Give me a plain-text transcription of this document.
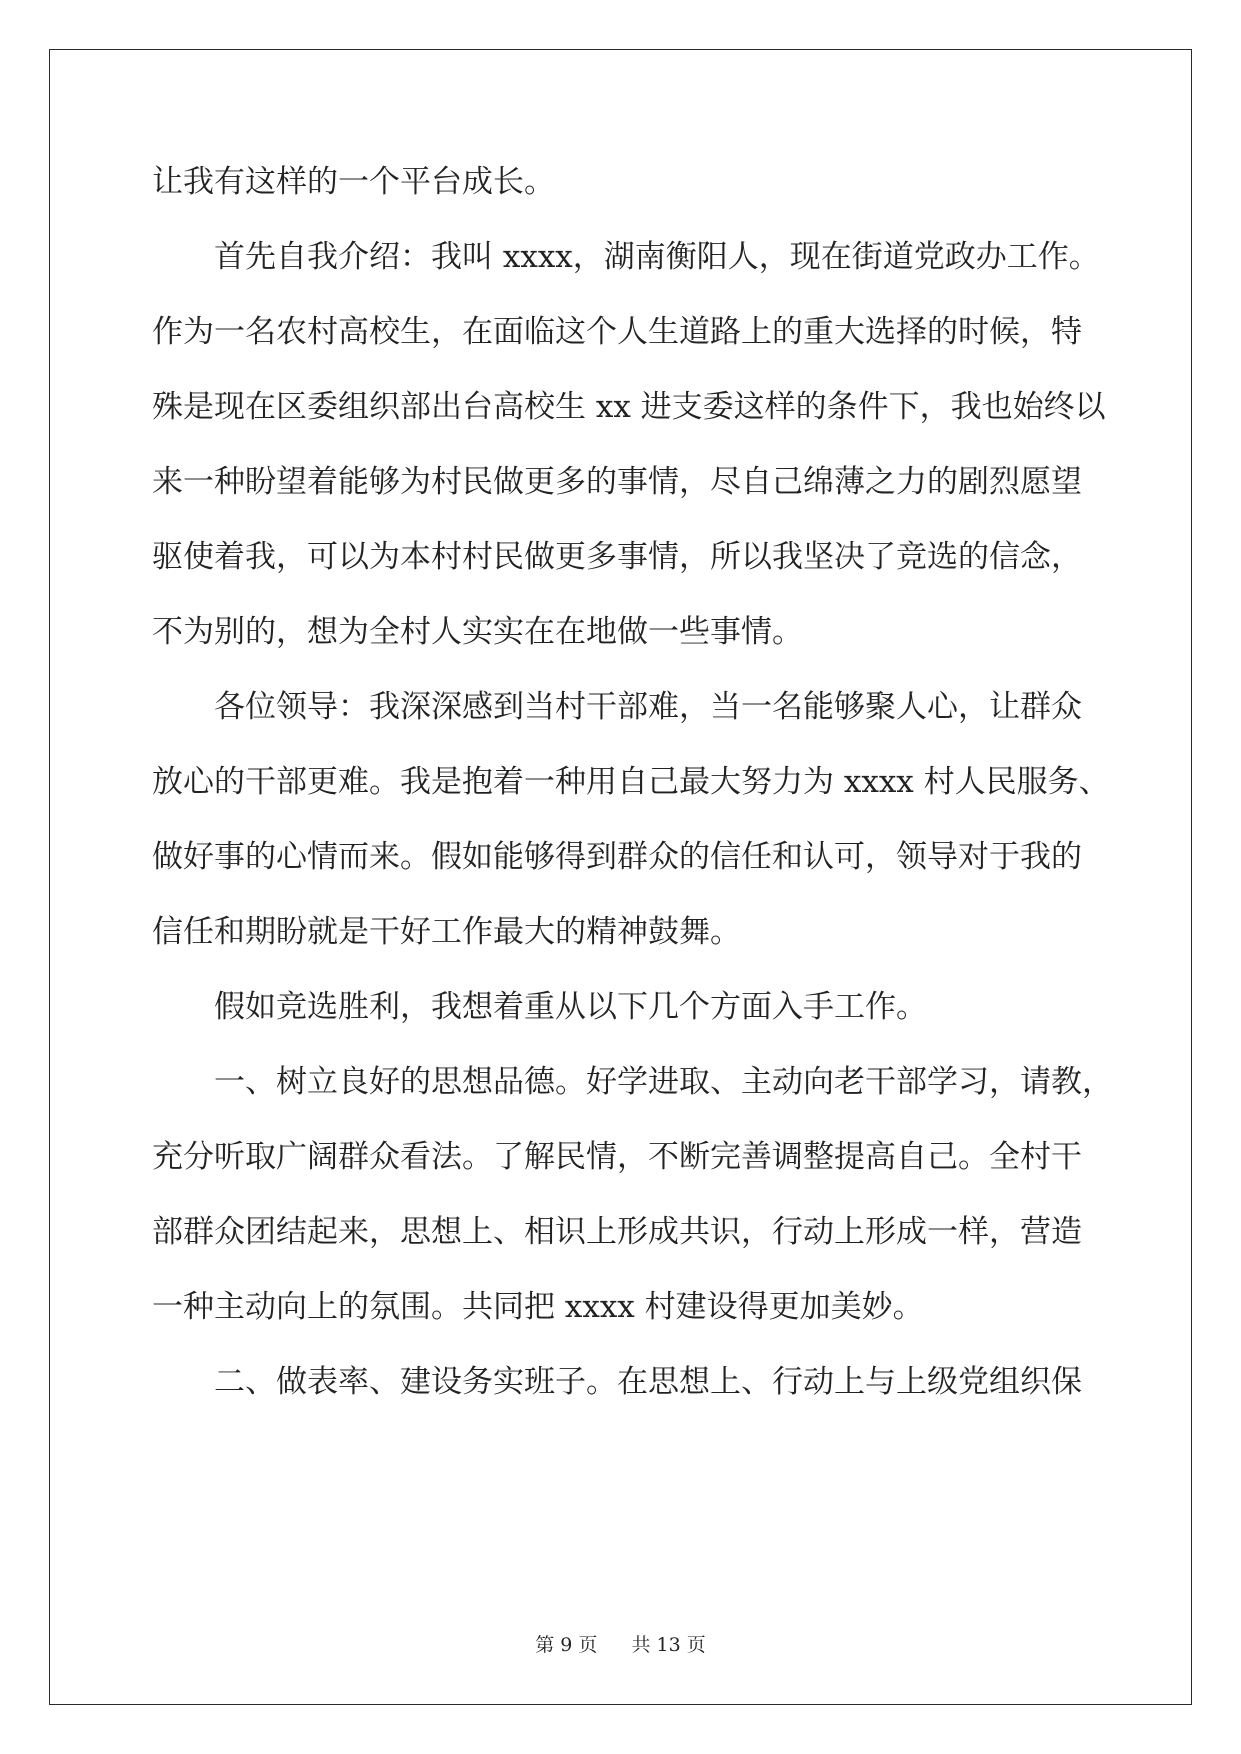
让我有这样的一个平台成长。
首先自我介绍：我叫 xxxx，湖南衡阳人，现在街道党政办工作。
作为一名农村高校生，在面临这个人生道路上的重大选择的时候，特
殊是现在区委组织部出台高校生 xx 进支委这样的条件下，我也始终以
来一种盼望着能够为村民做更多的事情，尽自己绵薄之力的剧烈愿望
驱使着我，可以为本村村民做更多事情，所以我坚决了竞选的信念，
不为别的，想为全村人实实在在地做一些事情。
各位领导：我深深感到当村干部难，当一名能够聚人心，让群众
放心的干部更难。我是抱着一种用自己最大努力为 xxxx 村人民服务、
做好事的心情而来。假如能够得到群众的信任和认可，领导对于我的
信任和期盼就是干好工作最大的精神鼓舞。
假如竞选胜利，我想着重从以下几个方面入手工作。
一、树立良好的思想品德。好学进取、主动向老干部学习，请教，
充分听取广阔群众看法。了解民情，不断完善调整提高自己。全村干
部群众团结起来，思想上、相识上形成共识，行动上形成一样，营造
一种主动向上的氛围。共同把 xxxx 村建设得更加美妙。
二、做表率、建设务实班子。在思想上、行动上与上级党组织保
第 9 页 共 13 页
